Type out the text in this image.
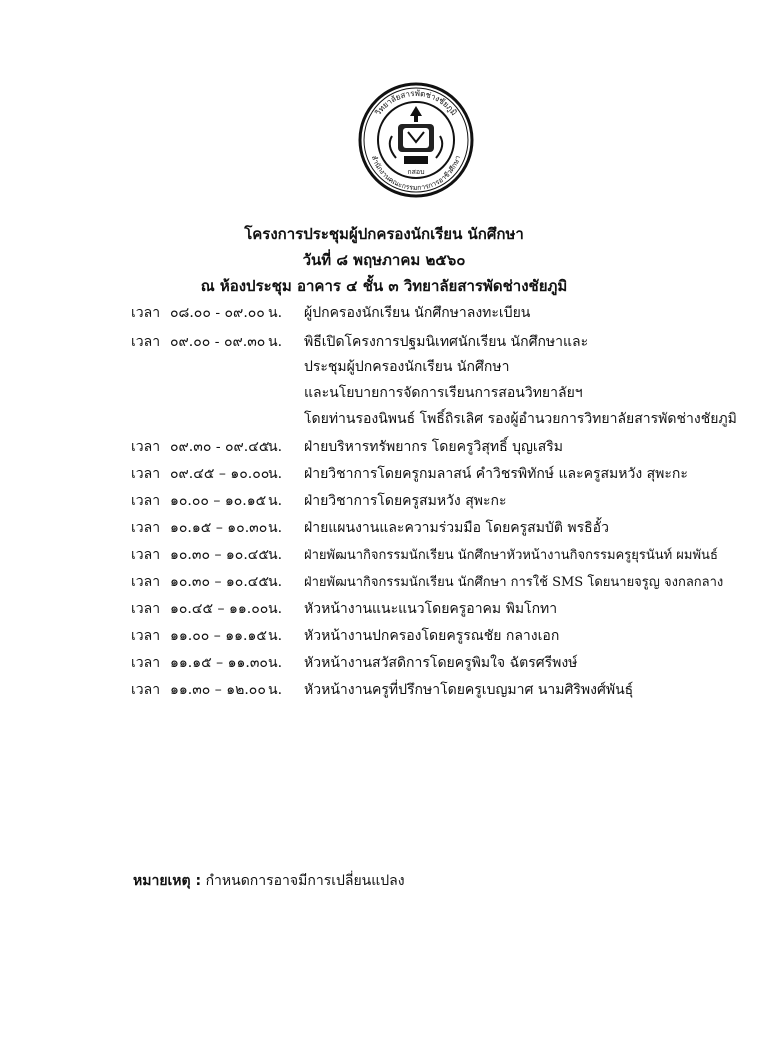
วิทยาลัยสารพัดช่างชัยภูมิ
สำนักงานคณะกรรมการการอาชีวศึกษา
กสอบ
โครงการประชุมผู้ปกครองนักเรียน นักศึกษา
วันที่ ๘ พฤษภาคม ๒๕๖๐
ณ ห้องประชุม อาคาร ๔ ชั้น ๓ วิทยาลัยสารพัดช่างชัยภูมิ
เวลา ๐๘.๐๐ - ๐๙.๐๐ น. ผู้ปกครองนักเรียน นักศึกษาลงทะเบียน
เวลา ๐๙.๐๐ - ๐๙.๓๐ น. พิธีเปิดโครงการปฐมนิเทศนักเรียน นักศึกษาและ
ประชุมผู้ปกครองนักเรียน นักศึกษา
และนโยบายการจัดการเรียนการสอนวิทยาลัยฯ
โดยท่านรองนิพนธ์ โพธิ์ถิรเลิศ รองผู้อำนวยการวิทยาลัยสารพัดช่างชัยภูมิ
เวลา ๐๙.๓๐ - ๐๙.๔๕
น. ฝ่ายบริหารทรัพยากร โดยครูวิสุทธิ์ บุญเสริม
เวลา ๐๙.๔๕ – ๑๐.๐๐
น. ฝ่ายวิชาการโดยครูกมลาสน์ คำวิชรพิทักษ์ และครูสมหวัง สุพะกะ
เวลา ๑๐.๐๐ – ๑๐.๑๕ น. ฝ่ายวิชาการโดยครูสมหวัง สุพะกะ
เวลา ๑๐.๑๕ – ๑๐.๓๐ น. ฝ่ายแผนงานและความร่วมมือ โดยครูสมบัติ พรธิอั้ว
เวลา ๑๐.๓๐ – ๑๐.๔๕ น. ฝ่ายพัฒนากิจกรรมนักเรียน นักศึกษาหัวหน้างานกิจกรรมครูยุรนันท์ ผมพันธ์
เวลา ๑๐.๓๐ – ๑๐.๔๕ น. ฝ่ายพัฒนากิจกรรมนักเรียน นักศึกษา การใช้ SMS โดยนายจรูญ จงกลกลาง
เวลา ๑๐.๔๕ – ๑๑.๐๐ น. หัวหน้างานแนะแนวโดยครูอาคม พิมโกทา
เวลา ๑๑.๐๐ – ๑๑.๑๕ น. หัวหน้างานปกครองโดยครูรณชัย กลางเอก
เวลา ๑๑.๑๕ – ๑๑.๓๐ น. หัวหน้างานสวัสดิการโดยครูพิมใจ ฉัตรศรีพงษ์
เวลา ๑๑.๓๐ – ๑๒.๐๐ น. หัวหน้างานครูที่ปรึกษาโดยครูเบญมาศ นามศิริพงศ์พันธุ์
หมายเหตุ : กำหนดการอาจมีการเปลี่ยนแปลง
